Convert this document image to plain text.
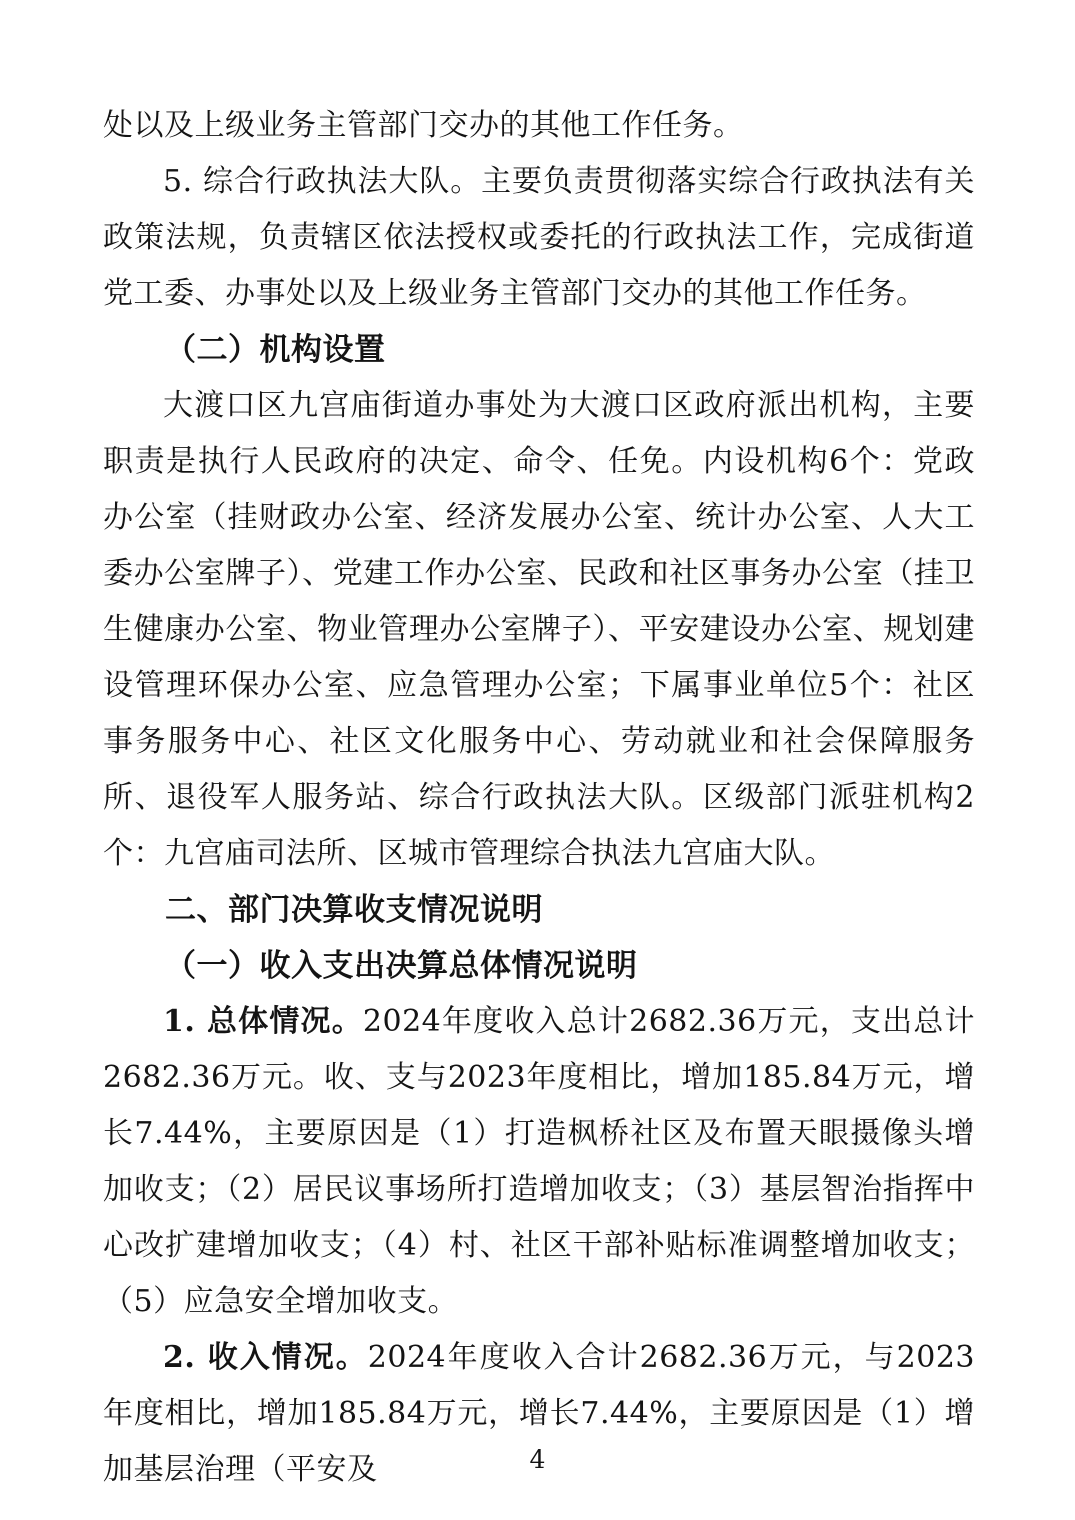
处以及上级业务主管部门交办的其他工作任务。

5. 综合行政执法大队。主要负责贯彻落实综合行政执法有关政策法规，负责辖区依法授权或委托的行政执法工作，完成街道党工委、办事处以及上级业务主管部门交办的其他工作任务。

（二）机构设置

大渡口区九宫庙街道办事处为大渡口区政府派出机构，主要职责是执行人民政府的决定、命令、任免。内设机构6个：党政办公室（挂财政办公室、经济发展办公室、统计办公室、人大工委办公室牌子）、党建工作办公室、民政和社区事务办公室（挂卫生健康办公室、物业管理办公室牌子）、平安建设办公室、规划建设管理环保办公室、应急管理办公室；下属事业单位5个：社区事务服务中心、社区文化服务中心、劳动就业和社会保障服务所、退役军人服务站、综合行政执法大队。区级部门派驻机构2个：九宫庙司法所、区城市管理综合执法九宫庙大队。

二、部门决算收支情况说明

（一）收入支出决算总体情况说明

1. 总体情况。2024年度收入总计2682.36万元，支出总计2682.36万元。收、支与2023年度相比，增加185.84万元，增长7.44%，主要原因是（1）打造枫桥社区及布置天眼摄像头增加收支；（2）居民议事场所打造增加收支；（3）基层智治指挥中心改扩建增加收支；（4）村、社区干部补贴标准调整增加收支；（5）应急安全增加收支。

2. 收入情况。2024年度收入合计2682.36万元，与2023年度相比，增加185.84万元，增长7.44%，主要原因是（1）增加基层治理（平安及	4
